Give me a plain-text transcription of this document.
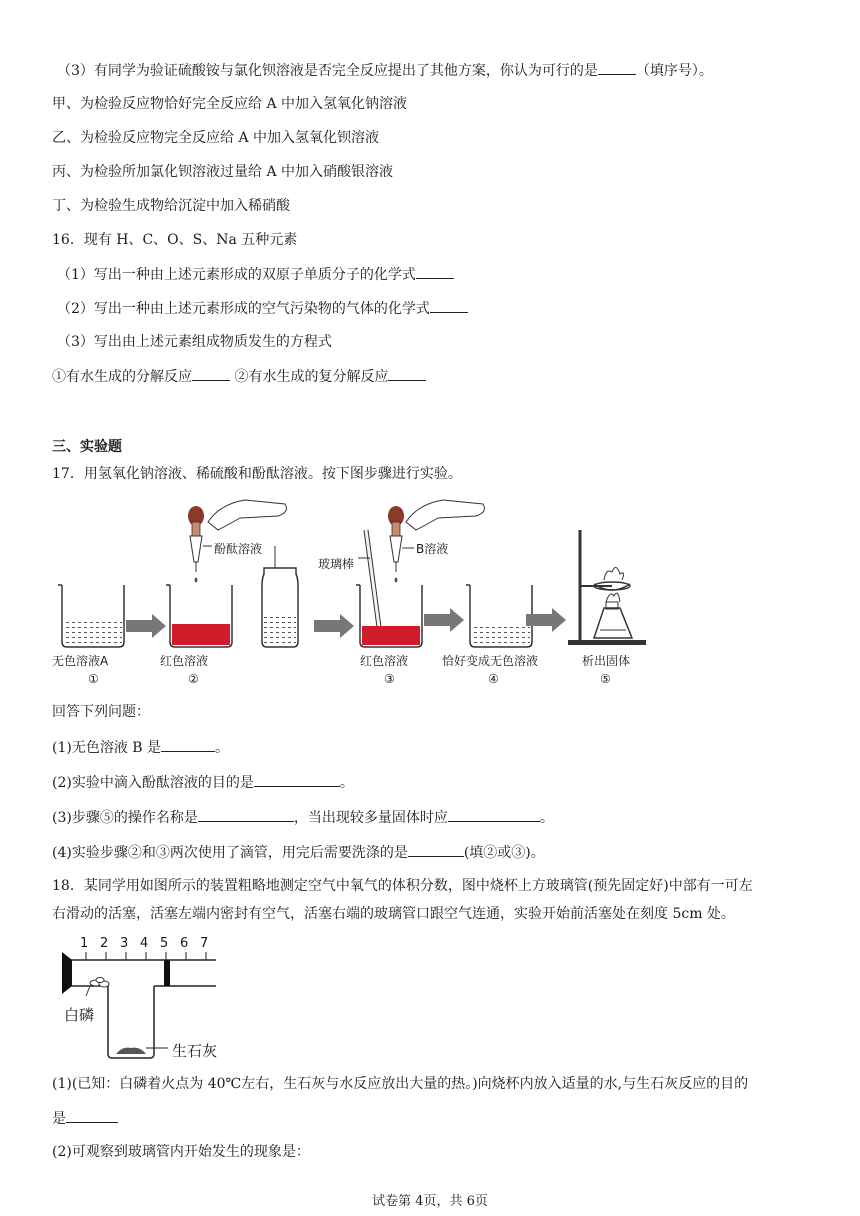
（3）有同学为验证硫酸铵与氯化钡溶液是否完全反应提出了其他方案，你认为可行的是	（填序号）。
甲、为检验反应物恰好完全反应给 A 中加入氢氧化钠溶液
乙、为检验反应物完全反应给 A 中加入氢氧化钡溶液
丙、为检验所加氯化钡溶液过量给 A 中加入硝酸银溶液
丁、为检验生成物给沉淀中加入稀硝酸
16．现有 H、C、O、S、Na 五种元素
（1）写出一种由上述元素形成的双原子单质分子的化学式
（2）写出一种由上述元素形成的空气污染物的气体的化学式
（3）写出由上述元素组成物质发生的方程式
①有水生成的分解反应	②有水生成的复分解反应
三、实验题
17．用氢氧化钠溶液、稀硫酸和酚酞溶液。按下图步骤进行实验。
酚酞溶液
玻璃棒
B溶液
无色溶液A	红色溶液	红色溶液	恰好变成无色溶液	析出固体
①	②	③	④	⑤
回答下列问题：
(1)无色溶液 B 是	。
(2)实验中滴入酚酞溶液的目的是	。
(3)步骤⑤的操作名称是	，当出现较多量固体时应	。
(4)实验步骤②和③两次使用了滴管，用完后需要洗涤的是	(填②或③)。
18．某同学用如图所示的装置粗略地测定空气中氧气的体积分数，图中烧杯上方玻璃管(预先固定好)中部有一可左
右滑动的活塞，活塞左端内密封有空气，活塞右端的玻璃管口跟空气连通，实验开始前活塞处在刻度 5cm 处。
1 2 3 4 5 6 7
白磷
生石灰
(1)(已知：白磷着火点为 40℃左右，生石灰与水反应放出大量的热。)向烧杯内放入适量的水,与生石灰反应的目的
是
(2)可观察到玻璃管内开始发生的现象是：
试卷第 4页，共 6页
